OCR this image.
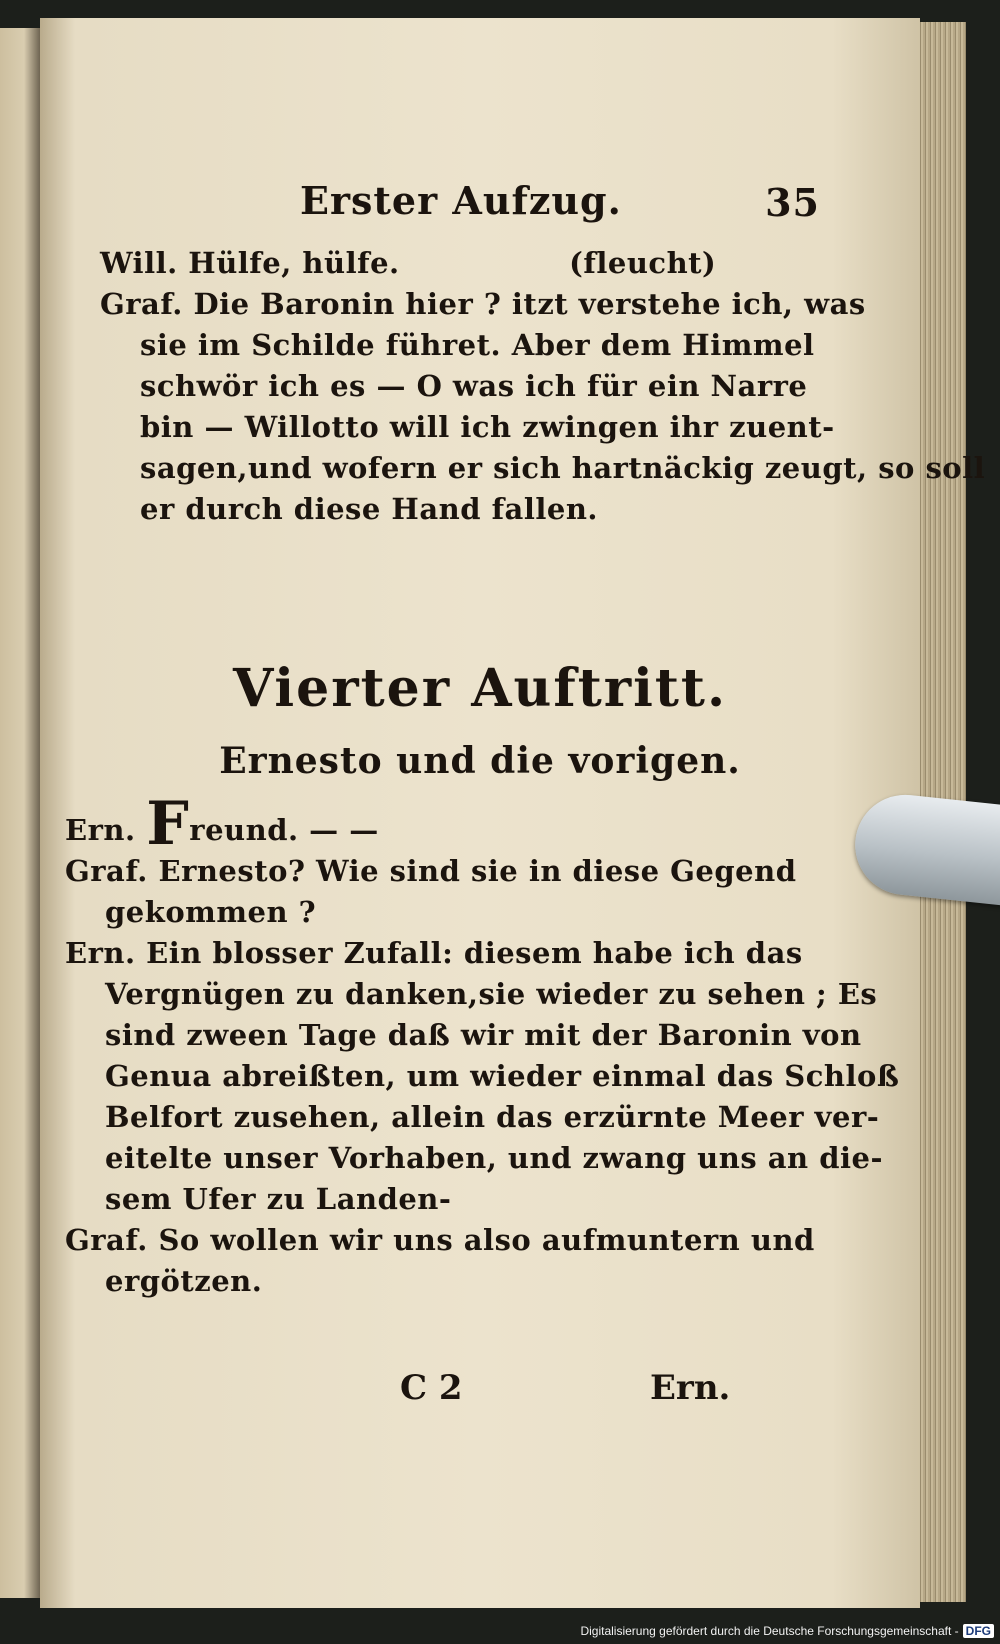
Erster Aufzug.	35
Will. Hülfe, hülfe.                (fleucht)
Graf. Die Baronin hier ? itzt verstehe ich, was
sie im Schilde führet. Aber dem Himmel
schwör ich es — O was ich für ein Narre
bin — Willotto will ich zwingen ihr zuent-
sagen,und wofern er sich hartnäckig zeugt, so soll
er durch diese Hand fallen.
Vierter Auftritt.
Ernesto und die vorigen.
Ern. Freund. — —
Graf. Ernesto? Wie sind sie in diese Gegend
gekommen ?
Ern. Ein blosser Zufall: diesem habe ich das
Vergnügen zu danken,sie wieder zu sehen ; Es
sind zween Tage daß wir mit der Baronin von
Genua abreißten, um wieder einmal das Schloß
Belfort zusehen, allein das erzürnte Meer ver-
eitelte unser Vorhaben, und zwang uns an die-
sem Ufer zu Landen-
Graf. So wollen wir uns also aufmuntern und
ergötzen.
C 2	Ern.
Digitalisierung gefördert durch die Deutsche Forschungsgemeinschaft - DFG
